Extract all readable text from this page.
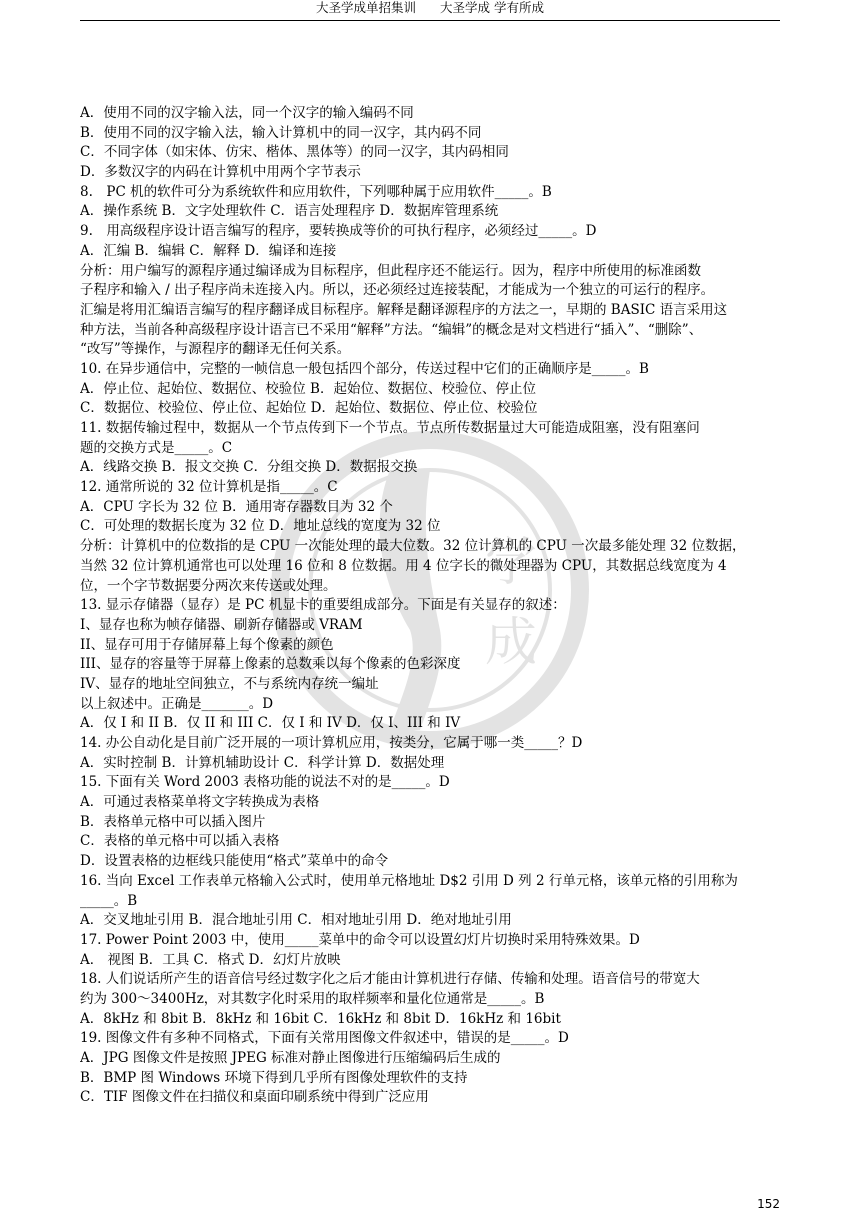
大圣学成单招集训 大圣学成 学有所成
学
成
A．使用不同的汉字输入法，同一个汉字的输入编码不同
B．使用不同的汉字输入法，输入计算机中的同一汉字，其内码不同
C．不同字体（如宋体、仿宋、楷体、黑体等）的同一汉字，其内码相同
D．多数汉字的内码在计算机中用两个字节表示
8.　PC 机的软件可分为系统软件和应用软件，下列哪种属于应用软件_____。B
A．操作系统 B．文字处理软件 C．语言处理程序 D．数据库管理系统
9.　用高级程序设计语言编写的程序，要转换成等价的可执行程序，必须经过_____。D
A．汇编 B．编辑 C．解释 D．编译和连接
分析：用户编写的源程序通过编译成为目标程序，但此程序还不能运行。因为，程序中所使用的标准函数
子程序和输入 / 出子程序尚未连接入内。所以，还必须经过连接装配，才能成为一个独立的可运行的程序。
汇编是将用汇编语言编写的程序翻译成目标程序。解释是翻译源程序的方法之一，早期的 BASIC 语言采用这
种方法，当前各种高级程序设计语言已不采用“解释”方法。“编辑”的概念是对文档进行“插入”、“删除”、
“改写”等操作，与源程序的翻译无任何关系。
10. 在异步通信中，完整的一帧信息一般包括四个部分，传送过程中它们的正确顺序是_____。B
A．停止位、起始位、数据位、校验位 B．起始位、数据位、校验位、停止位
C．数据位、校验位、停止位、起始位 D．起始位、数据位、停止位、校验位
11. 数据传输过程中，数据从一个节点传到下一个节点。节点所传数据量过大可能造成阻塞，没有阻塞问
题的交换方式是_____。C
A．线路交换 B．报文交换 C．分组交换 D．数据报交换
12. 通常所说的 32 位计算机是指_____。C
A．CPU 字长为 32 位 B．通用寄存器数目为 32 个
C．可处理的数据长度为 32 位 D．地址总线的宽度为 32 位
分析：计算机中的位数指的是 CPU 一次能处理的最大位数。32 位计算机的 CPU 一次最多能处理 32 位数据，
当然 32 位计算机通常也可以处理 16 位和 8 位数据。用 4 位字长的微处理器为 CPU，其数据总线宽度为 4
位，一个字节数据要分两次来传送或处理。
13. 显示存储器（显存）是 PC 机显卡的重要组成部分。下面是有关显存的叙述：
I、显存也称为帧存储器、刷新存储器或 VRAM
II、显存可用于存储屏幕上每个像素的颜色
III、显存的容量等于屏幕上像素的总数乘以每个像素的色彩深度
IV、显存的地址空间独立，不与系统内存统一编址
以上叙述中。正确是_______。D
A．仅 I 和 II B．仅 II 和 III C．仅 I 和 IV D．仅 I、III 和 IV
14. 办公自动化是目前广泛开展的一项计算机应用，按类分，它属于哪一类_____？D
A．实时控制 B．计算机辅助设计 C．科学计算 D．数据处理
15. 下面有关 Word 2003 表格功能的说法不对的是_____。D
A．可通过表格菜单将文字转换成为表格
B．表格单元格中可以插入图片
C．表格的单元格中可以插入表格
D．设置表格的边框线只能使用“格式”菜单中的命令
16. 当向 Excel 工作表单元格输入公式时，使用单元格地址 D$2 引用 D 列 2 行单元格，该单元格的引用称为
_____。B
A．交叉地址引用 B．混合地址引用 C．相对地址引用 D．绝对地址引用
17. Power Point 2003 中，使用_____菜单中的命令可以设置幻灯片切换时采用特殊效果。D
A． 视图 B．工具 C．格式 D．幻灯片放映
18. 人们说话所产生的语音信号经过数字化之后才能由计算机进行存储、传输和处理。语音信号的带宽大
约为 300～3400Hz，对其数字化时采用的取样频率和量化位通常是_____。B
A．8kHz 和 8bit B．8kHz 和 16bit C．16kHz 和 8bit D．16kHz 和 16bit
19. 图像文件有多种不同格式，下面有关常用图像文件叙述中，错误的是_____。D
A．JPG 图像文件是按照 JPEG 标准对静止图像进行压缩编码后生成的
B．BMP 图 Windows 环境下得到几乎所有图像处理软件的支持
C．TIF 图像文件在扫描仪和桌面印刷系统中得到广泛应用
152
